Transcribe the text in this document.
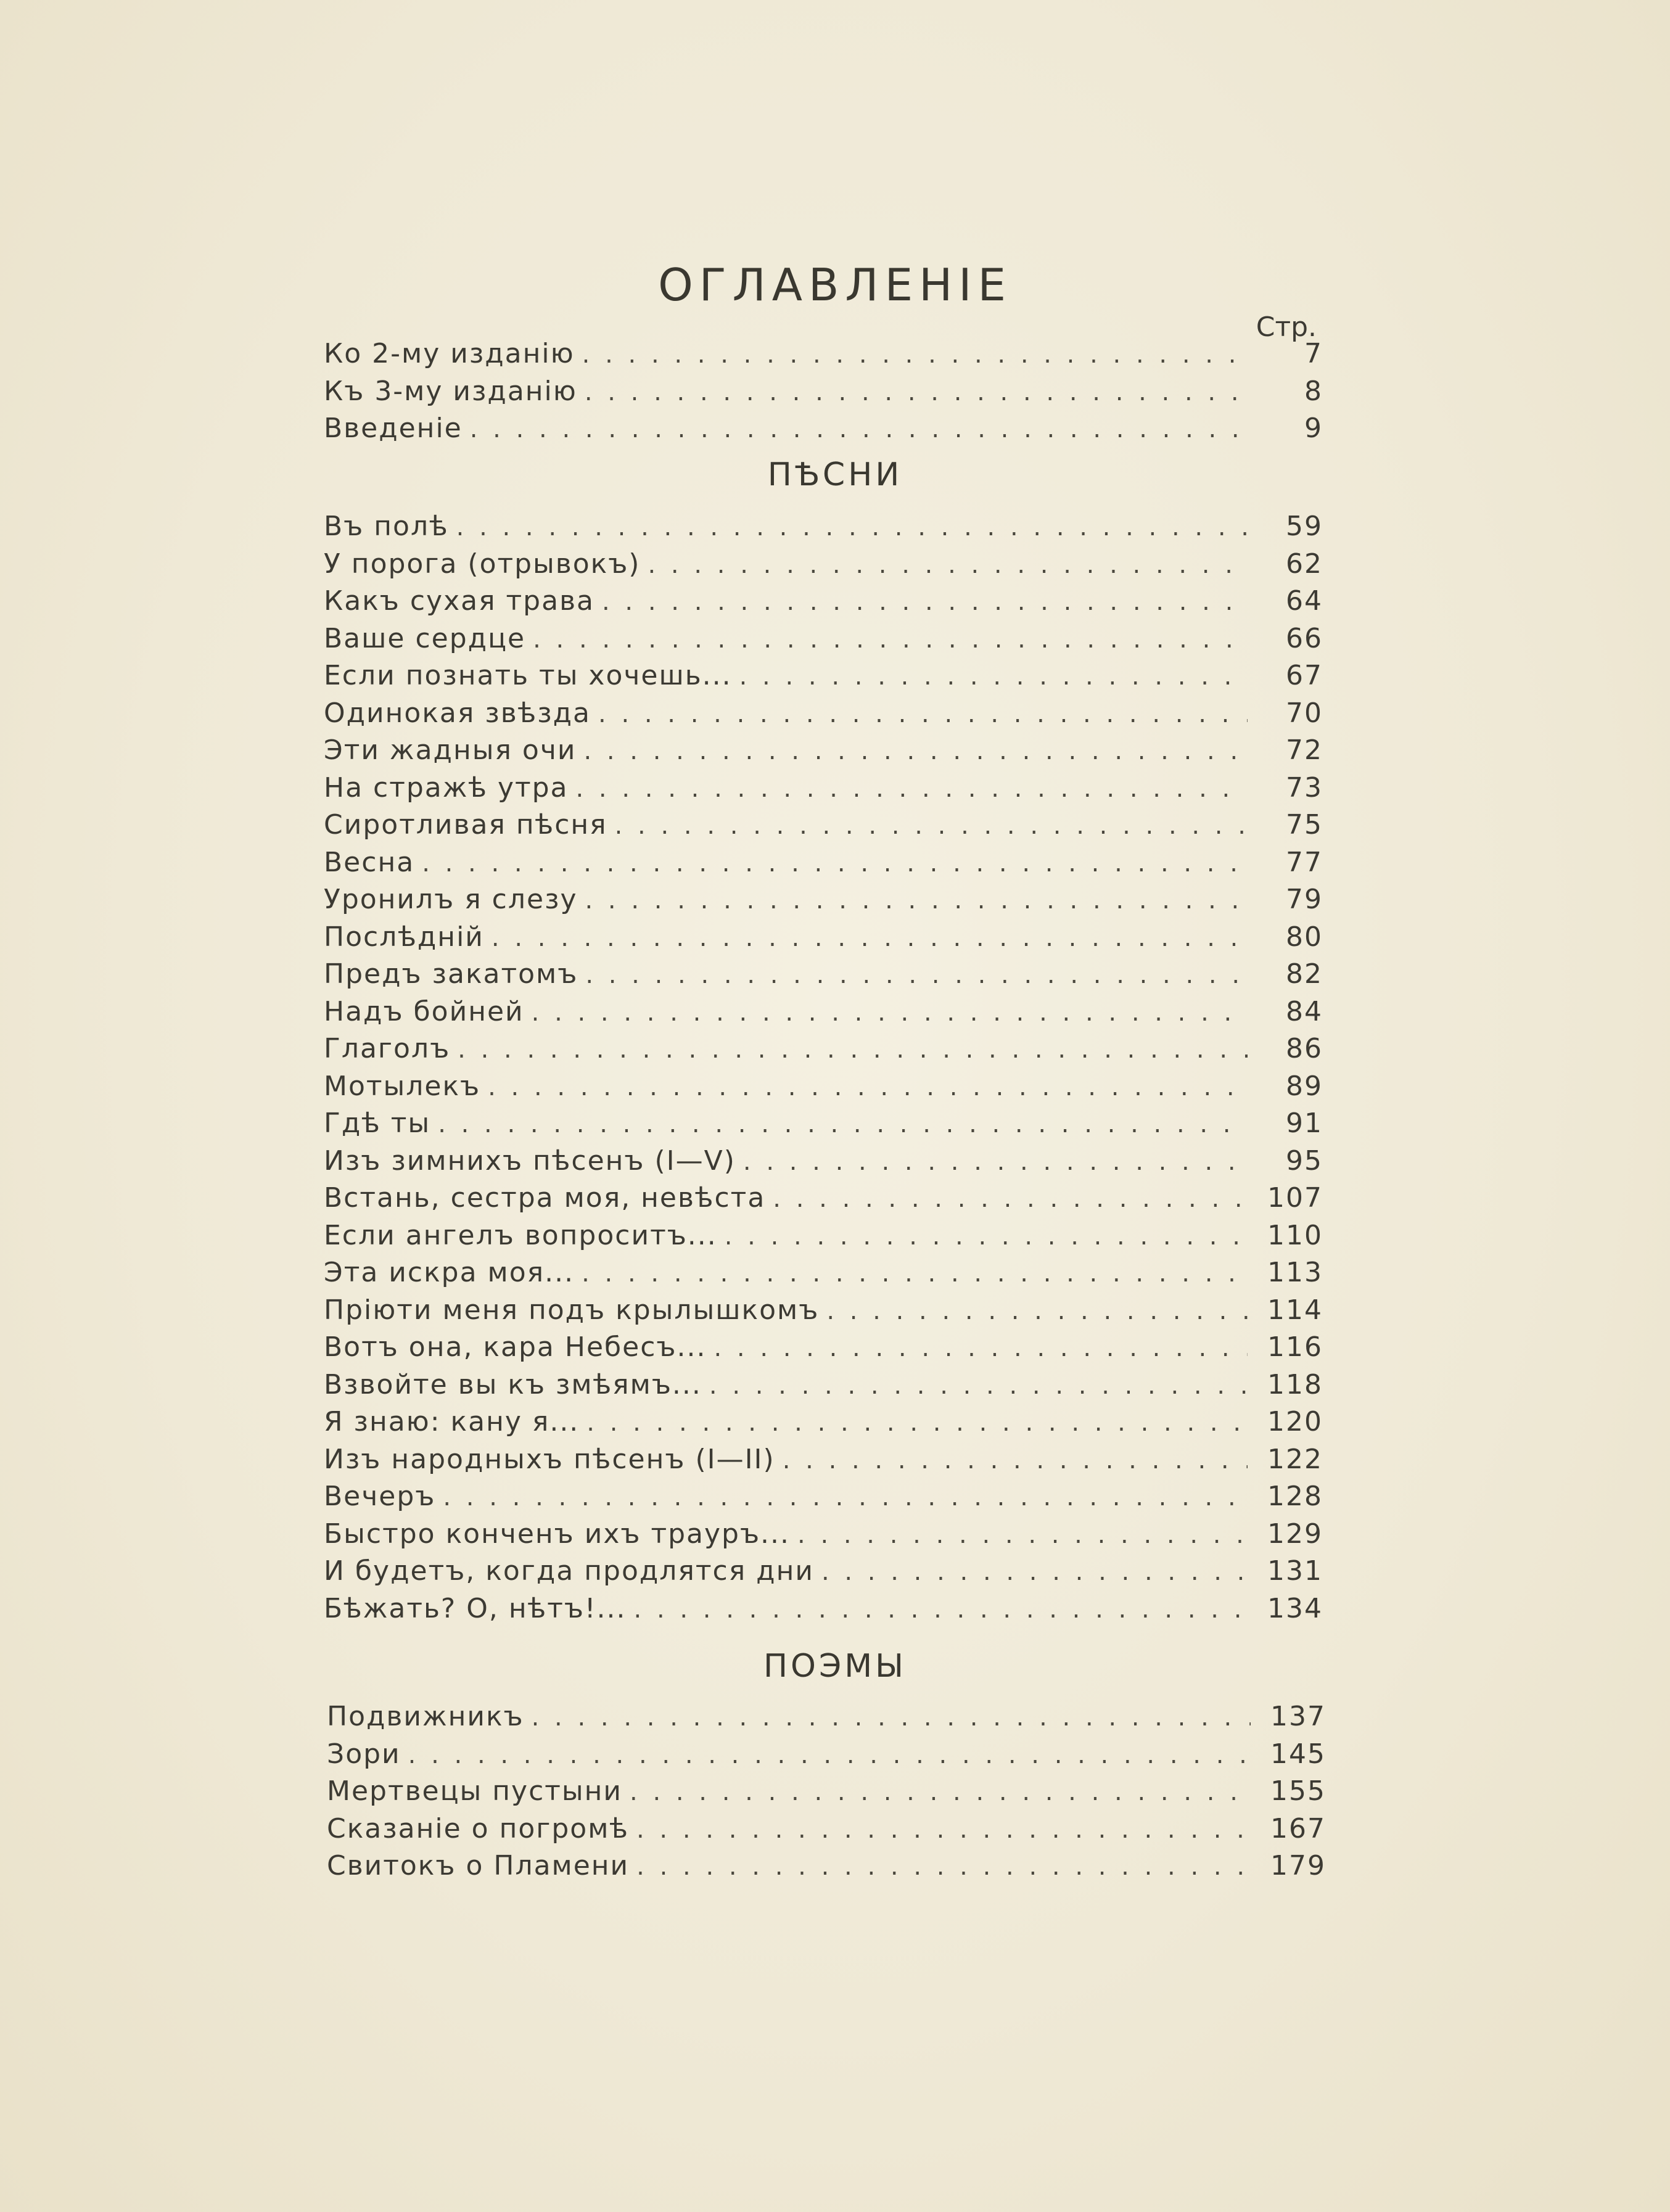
ОГЛАВЛЕНІЕ
Стр.
Ко 2-му изданію . . .	7
Къ 3-му изданію . . .	8
Введеніе . . .	9
ПѢСНИ
Въ полѣ . . .	59
У порога (отрывокъ) . . .	62
Какъ сухая трава . . .	64
Ваше сердце . . .	66
Если познать ты хочешь... . . .	67
Одинокая звѣзда . . .	70
Эти жадныя очи . . .	72
На стражѣ утра . . .	73
Сиротливая пѣсня . . .	75
Весна . . .	77
Уронилъ я слезу . . .	79
Послѣдній . . .	80
Предъ закатомъ . . .	82
Надъ бойней . . .	84
Глаголъ . . .	86
Мотылекъ . . .	89
Гдѣ ты . . .	91
Изъ зимнихъ пѣсенъ (I—V) . . .	95
Встань, сестра моя, невѣста . . .	107
Если ангелъ вопроситъ... . . .	110
Эта искра моя... . . .	113
Пріюти меня подъ крылышкомъ . . .	114
Вотъ она, кара Небесъ... . . .	116
Взвойте вы къ змѣямъ... . . .	118
Я знаю: кану я... . . .	120
Изъ народныхъ пѣсенъ (I—II) . . .	122
Вечеръ . . .	128
Быстро конченъ ихъ трауръ... . . .	129
И будетъ, когда продлятся дни . . .	131
Бѣжать? О, нѣтъ!... . . .	134
ПОЭМЫ
Подвижникъ . . .	137
Зори . . .	145
Мертвецы пустыни . . .	155
Сказаніе о погромѣ . . .	167
Свитокъ о Пламени . . .	179
